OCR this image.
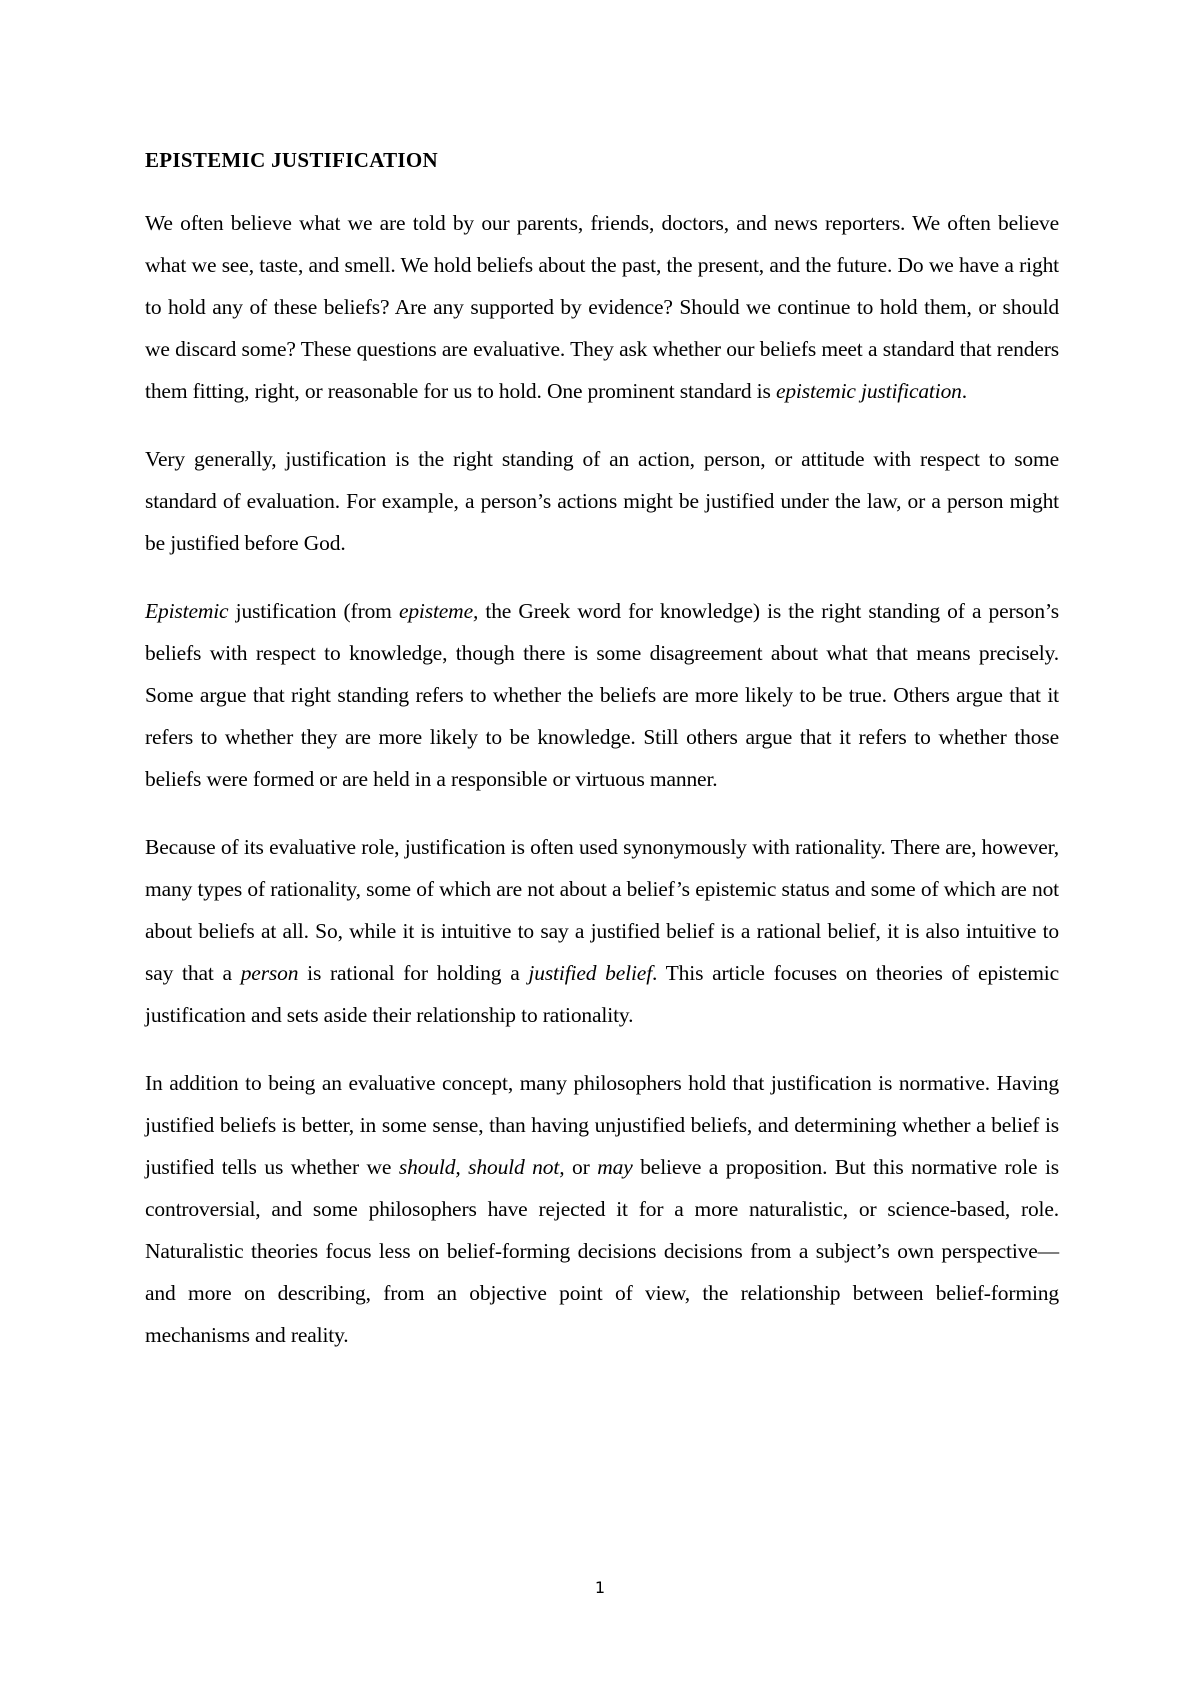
EPISTEMIC JUSTIFICATION

We often believe what we are told by our parents, friends, doctors, and news reporters. We often believe what we see, taste, and smell. We hold beliefs about the past, the present, and the future. Do we have a right to hold any of these beliefs? Are any supported by evidence? Should we continue to hold them, or should we discard some? These questions are evaluative. They ask whether our beliefs meet a standard that renders them fitting, right, or reasonable for us to hold. One prominent standard is epistemic justification.

Very generally, justification is the right standing of an action, person, or attitude with respect to some standard of evaluation. For example, a person’s actions might be justified under the law, or a person might be justified before God.

Epistemic justification (from episteme, the Greek word for knowledge) is the right standing of a person’s beliefs with respect to knowledge, though there is some disagreement about what that means precisely. Some argue that right standing refers to whether the beliefs are more likely to be true. Others argue that it refers to whether they are more likely to be knowledge. Still others argue that it refers to whether those beliefs were formed or are held in a responsible or virtuous manner.

Because of its evaluative role, justification is often used synonymously with rationality. There are, however, many types of rationality, some of which are not about a belief’s epistemic status and some of which are not about beliefs at all. So, while it is intuitive to say a justified belief is a rational belief, it is also intuitive to say that a person is rational for holding a justified belief. This article focuses on theories of epistemic justification and sets aside their relationship to rationality.

In addition to being an evaluative concept, many philosophers hold that justification is normative. Having justified beliefs is better, in some sense, than having unjustified beliefs, and determining whether a belief is justified tells us whether we should, should not, or may believe a proposition. But this normative role is controversial, and some philosophers have rejected it for a more naturalistic, or science-based, role. Naturalistic theories focus less on belief-forming decisions decisions from a subject’s own perspective—and more on describing, from an objective point of view, the relationship between belief-forming mechanisms and reality.

1
